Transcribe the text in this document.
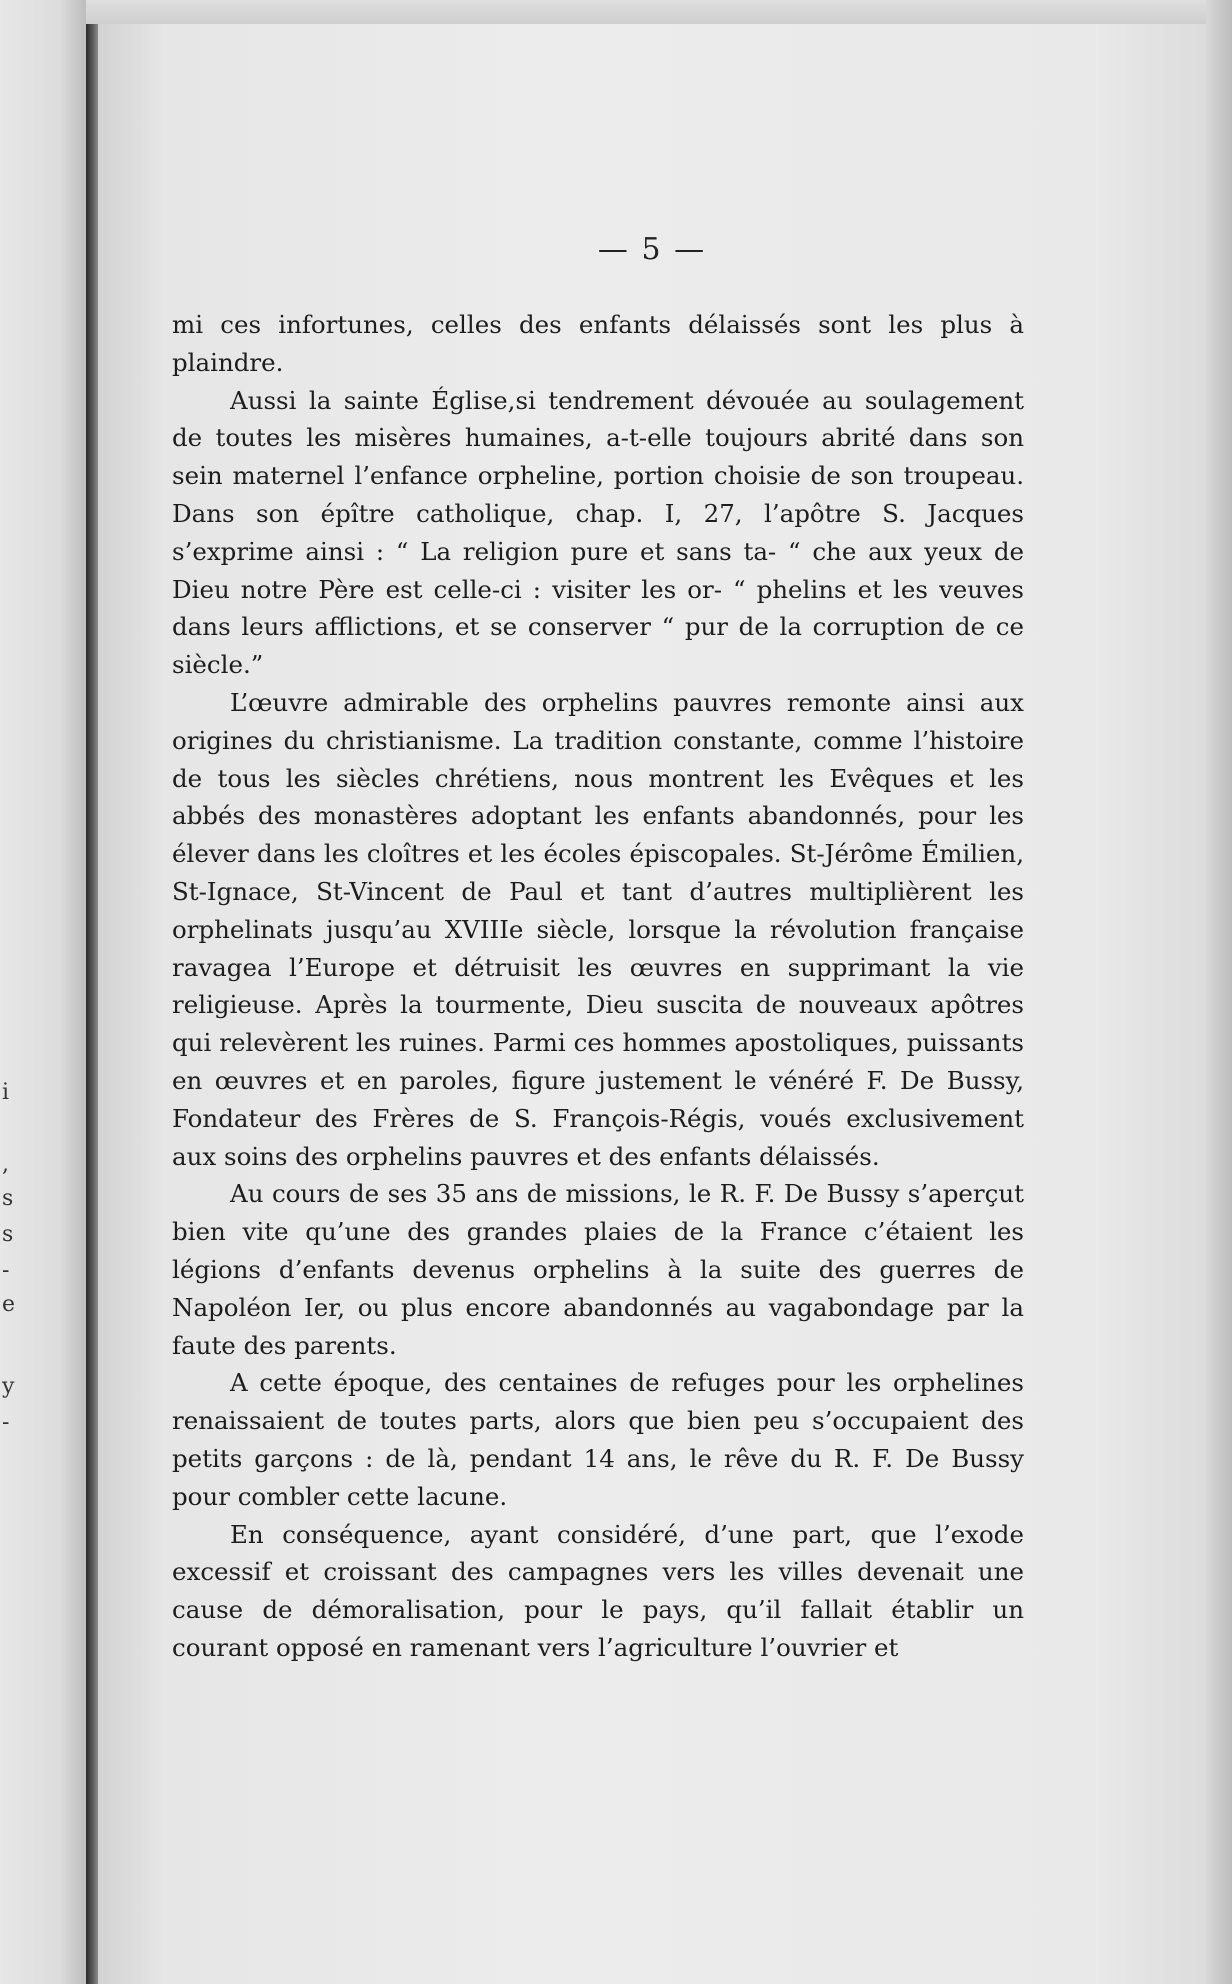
i
,
s
s
-
e
y
-
— 5 —

mi ces infortunes, celles des enfants délaissés sont les plus à plaindre.

Aussi la sainte Église,si tendrement dévouée au soulagement de toutes les misères humaines, a-t-elle toujours abrité dans son sein maternel l’enfance orpheline, portion choisie de son troupeau. Dans son épître catholique, chap. I, 27, l’apôtre S. Jacques s’exprime ainsi : “ La religion pure et sans ta- “ che aux yeux de Dieu notre Père est celle-ci : visiter les or- “ phelins et les veuves dans leurs afflictions, et se conserver “ pur de la corruption de ce siècle.”

L’œuvre admirable des orphelins pauvres remonte ainsi aux origines du christianisme. La tradition constante, comme l’histoire de tous les siècles chrétiens, nous montrent les Evêques et les abbés des monastères adoptant les enfants abandonnés, pour les élever dans les cloîtres et les écoles épiscopales. St-Jérôme Émilien, St-Ignace, St-Vincent de Paul et tant d’autres multiplièrent les orphelinats jusqu’au XVIIIe siècle, lorsque la révolution française ravagea l’Europe et détruisit les œuvres en supprimant la vie religieuse. Après la tourmente, Dieu suscita de nouveaux apôtres qui relevèrent les ruines. Parmi ces hommes apostoliques, puissants en œuvres et en paroles, figure justement le vénéré F. De Bussy, Fondateur des Frères de S. François-Régis, voués exclusivement aux soins des orphelins pauvres et des enfants délaissés.

Au cours de ses 35 ans de missions, le R. F. De Bussy s’aperçut bien vite qu’une des grandes plaies de la France c’étaient les légions d’enfants devenus orphelins à la suite des guerres de Napoléon Ier, ou plus encore abandonnés au vagabondage par la faute des parents.

A cette époque, des centaines de refuges pour les orphelines renaissaient de toutes parts, alors que bien peu s’occupaient des petits garçons : de là, pendant 14 ans, le rêve du R. F. De Bussy pour combler cette lacune.

En conséquence, ayant considéré, d’une part, que l’exode excessif et croissant des campagnes vers les villes devenait une cause de démoralisation, pour le pays, qu’il fallait établir un courant opposé en ramenant vers l’agriculture l’ouvrier et
